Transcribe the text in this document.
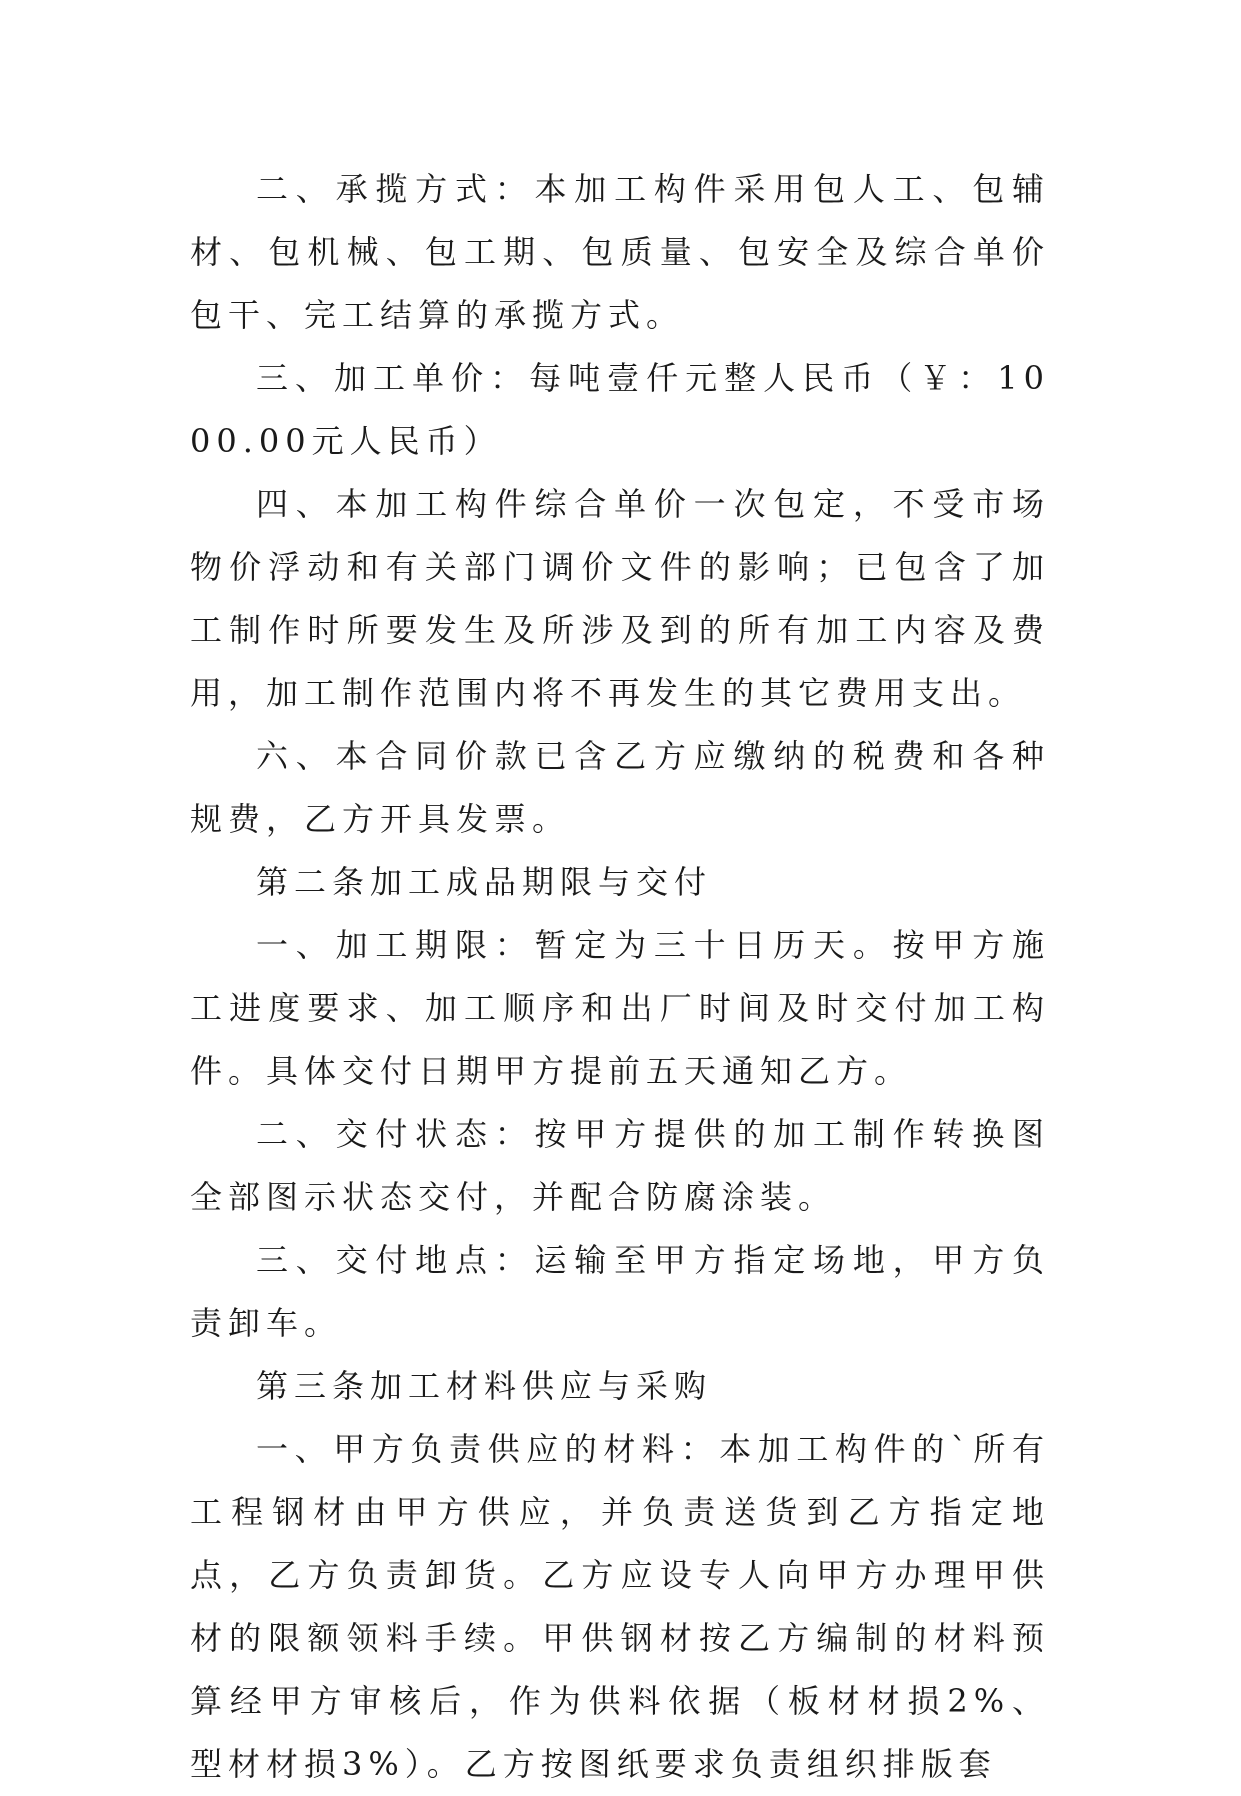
二、承揽方式：本加工构件采用包人工、包辅材、包机械、包工期、包质量、包安全及综合单价包干、完工结算的承揽方式。

三、加工单价：每吨壹仟元整人民币（￥：1000.00元人民币）

四、本加工构件综合单价一次包定，不受市场物价浮动和有关部门调价文件的影响；已包含了加工制作时所要发生及所涉及到的所有加工内容及费用，加工制作范围内将不再发生的其它费用支出。

六、本合同价款已含乙方应缴纳的税费和各种规费，乙方开具发票。

第二条加工成品期限与交付

一、加工期限：暂定为三十日历天。按甲方施工进度要求、加工顺序和出厂时间及时交付加工构件。具体交付日期甲方提前五天通知乙方。

二、交付状态：按甲方提供的加工制作转换图全部图示状态交付，并配合防腐涂装。

三、交付地点：运输至甲方指定场地，甲方负责卸车。

第三条加工材料供应与采购

一、甲方负责供应的材料：本加工构件的`所有工程钢材由甲方供应，并负责送货到乙方指定地点，乙方负责卸货。乙方应设专人向甲方办理甲供材的限额领料手续。甲供钢材按乙方编制的材料预算经甲方审核后，作为供料依据（板材材损2%、型材材损3%）。乙方按图纸要求负责组织排版套
